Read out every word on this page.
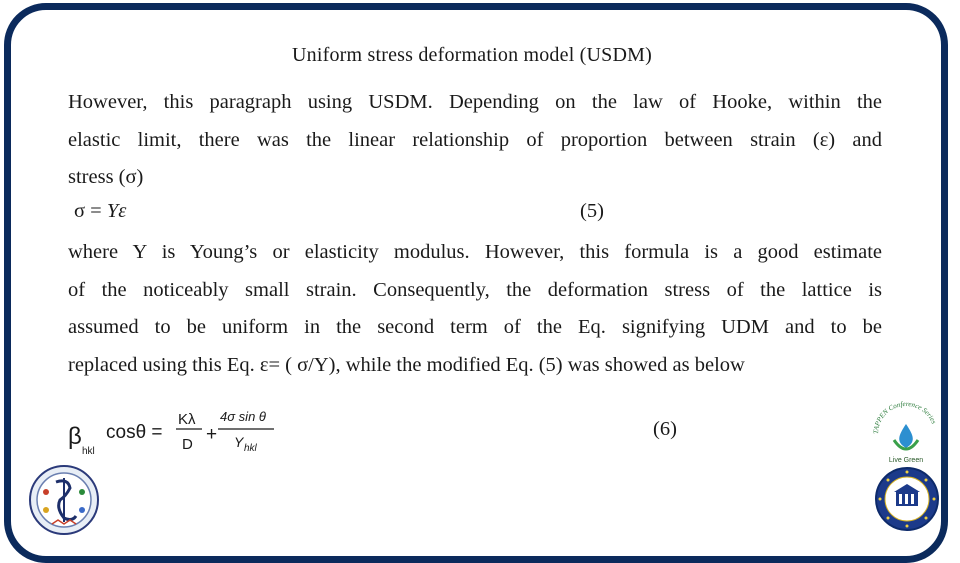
Uniform stress deformation model (USDM)
However, this paragraph using USDM. Depending on the law of Hooke, within the
elastic limit, there was the linear relationship of proportion between strain (ε) and
stress (σ)
σ = Yε	(5)
where Y is Young’s or elasticity modulus. However, this formula is a good estimate
of the noticeably small strain. Consequently, the deformation stress of the lattice is
assumed to be uniform in the second term of the Eq. signifying UDM and to be
replaced using this Eq. ε= ( σ/Y), while the modified Eq. (5) was showed as below
β
hkl
cosθ =
Kλ
D +
4σ sin θ
Y hkl
(6)	TAPPEN Conference Series
Live Green
